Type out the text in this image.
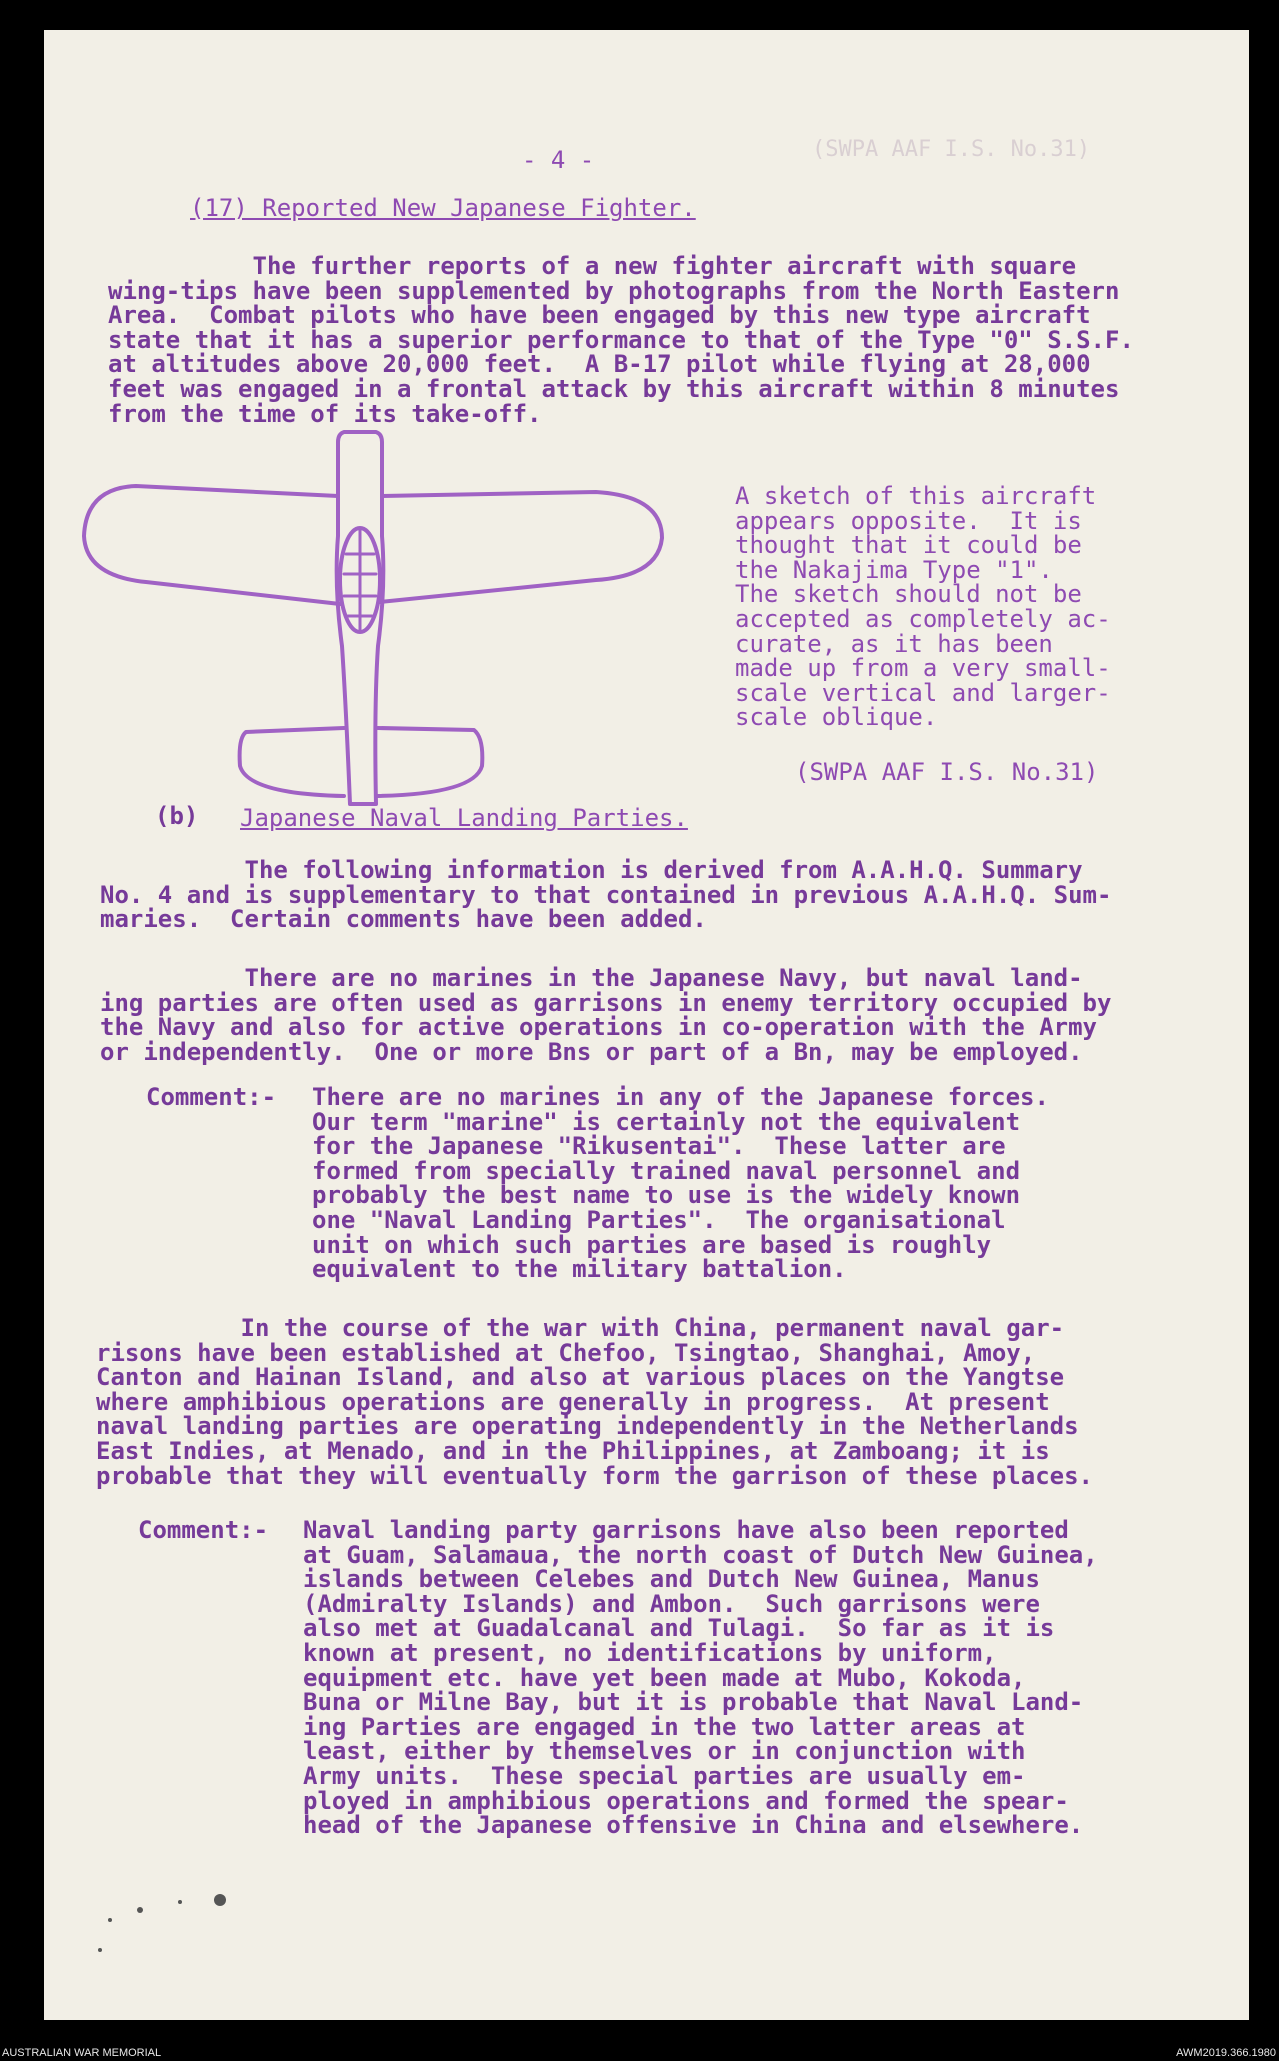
(SWPA AAF I.S. No.31)
- 4 -
(17) Reported New Japanese Fighter.
The further reports of a new fighter aircraft with square
wing-tips have been supplemented by photographs from the North Eastern
Area.  Combat pilots who have been engaged by this new type aircraft
state that it has a superior performance to that of the Type "0" S.S.F.
at altitudes above 20,000 feet.  A B-17 pilot while flying at 28,000
feet was engaged in a frontal attack by this aircraft within 8 minutes
from the time of its take-off.
A sketch of this aircraft
appears opposite.  It is
thought that it could be
the Nakajima Type "1".
The sketch should not be
accepted as completely ac-
curate, as it has been
made up from a very small-
scale vertical and larger-
scale oblique.
(SWPA AAF I.S. No.31)
(b) Japanese Naval Landing Parties.
The following information is derived from A.A.H.Q. Summary
No. 4 and is supplementary to that contained in previous A.A.H.Q. Sum-
maries.  Certain comments have been added.
There are no marines in the Japanese Navy, but naval land-
ing parties are often used as garrisons in enemy territory occupied by
the Navy and also for active operations in co-operation with the Army
or independently.  One or more Bns or part of a Bn, may be employed.
Comment:- There are no marines in any of the Japanese forces.
Our term "marine" is certainly not the equivalent
for the Japanese "Rikusentai".  These latter are
formed from specially trained naval personnel and
probably the best name to use is the widely known
one "Naval Landing Parties".  The organisational
unit on which such parties are based is roughly
equivalent to the military battalion.
In the course of the war with China, permanent naval gar-
risons have been established at Chefoo, Tsingtao, Shanghai, Amoy,
Canton and Hainan Island, and also at various places on the Yangtse
where amphibious operations are generally in progress.  At present
naval landing parties are operating independently in the Netherlands
East Indies, at Menado, and in the Philippines, at Zamboang; it is
probable that they will eventually form the garrison of these places.
Comment:- Naval landing party garrisons have also been reported
at Guam, Salamaua, the north coast of Dutch New Guinea,
islands between Celebes and Dutch New Guinea, Manus
(Admiralty Islands) and Ambon.  Such garrisons were
also met at Guadalcanal and Tulagi.  So far as it is
known at present, no identifications by uniform,
equipment etc. have yet been made at Mubo, Kokoda,
Buna or Milne Bay, but it is probable that Naval Land-
ing Parties are engaged in the two latter areas at
least, either by themselves or in conjunction with
Army units.  These special parties are usually em-
ployed in amphibious operations and formed the spear-
head of the Japanese offensive in China and elsewhere.
AUSTRALIAN WAR MEMORIAL	AWM2019.366.1980
